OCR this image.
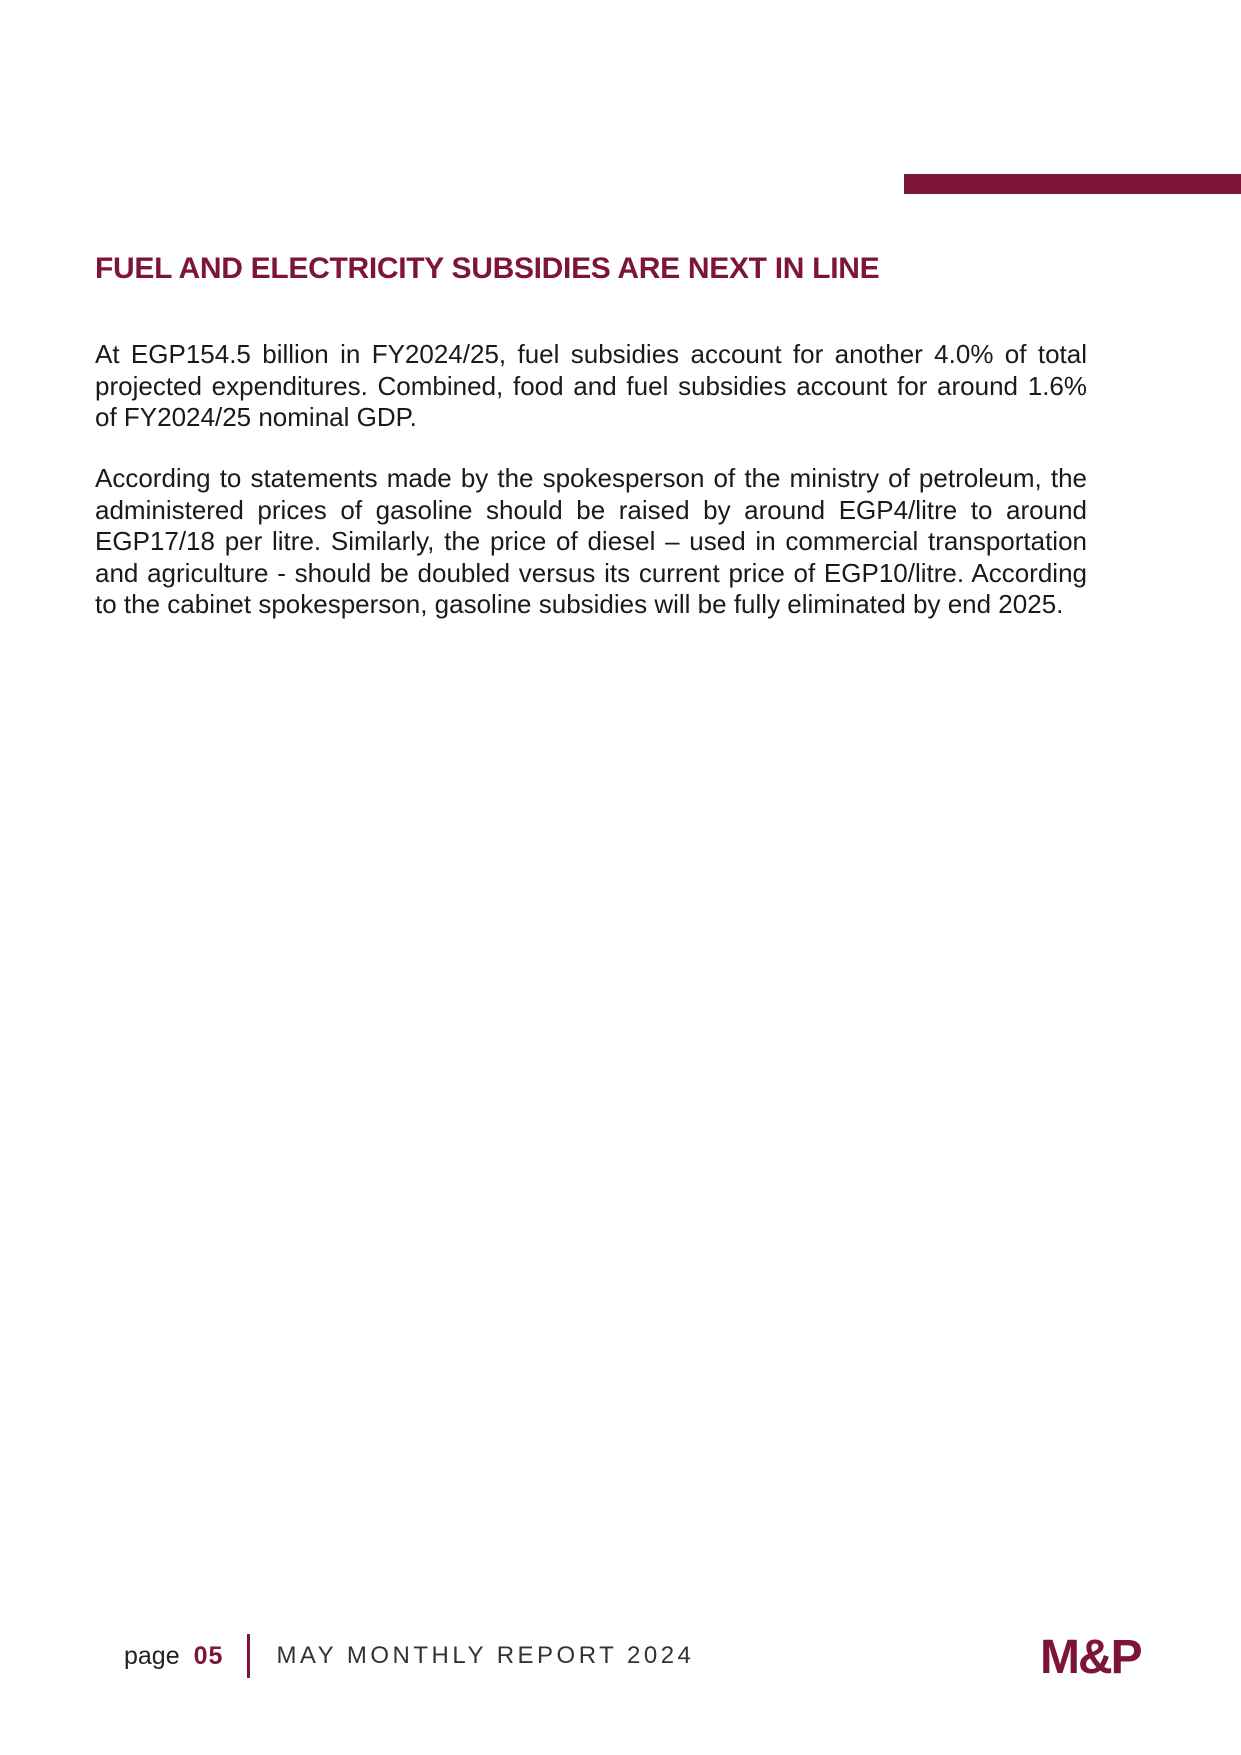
FUEL AND ELECTRICITY SUBSIDIES ARE NEXT IN LINE

At EGP154.5 billion in FY2024/25, fuel subsidies account for another 4.0% of total projected expenditures. Combined, food and fuel subsidies account for around 1.6% of FY2024/25 nominal GDP.

According to statements made by the spokesperson of the ministry of petroleum, the administered prices of gasoline should be raised by around EGP4/litre to around EGP17/18 per litre. Similarly, the price of diesel – used in commercial transportation and agriculture - should be doubled versus its current price of EGP10/litre. According to the cabinet spokesperson, gasoline subsidies will be fully eliminated by end 2025.

page 05 MAY MONTHLY REPORT 2024	M&P
